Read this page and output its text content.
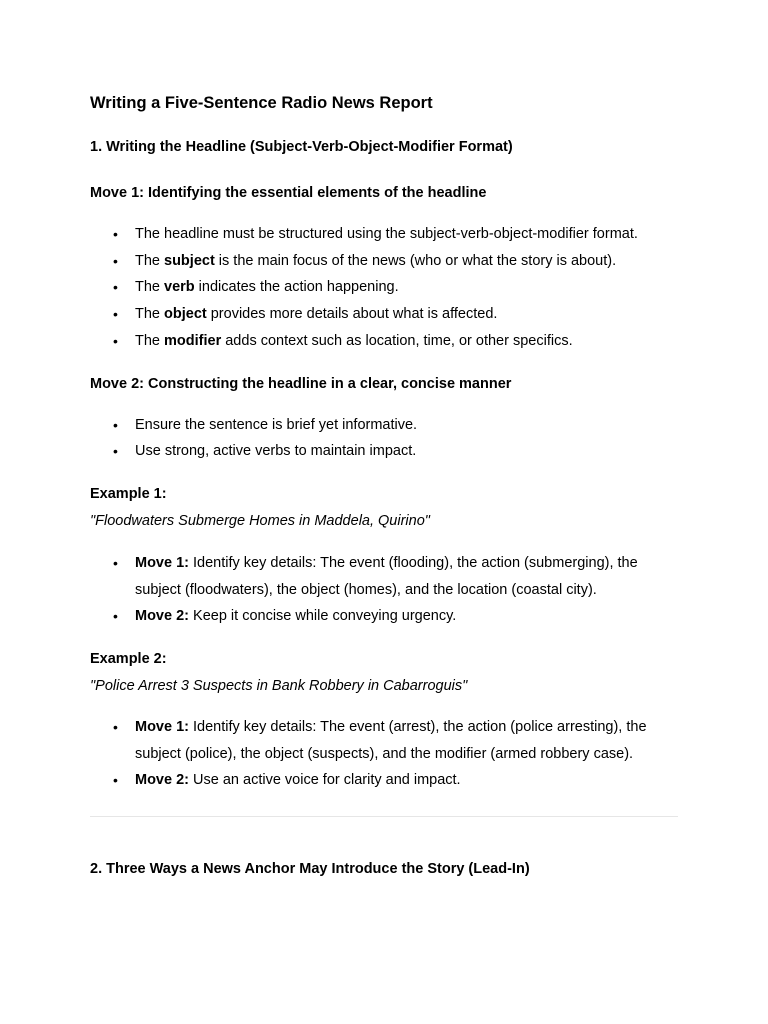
Writing a Five-Sentence Radio News Report
1. Writing the Headline (Subject-Verb-Object-Modifier Format)
Move 1: Identifying the essential elements of the headline
• The headline must be structured using the subject-verb-object-modifier format.
• The subject is the main focus of the news (who or what the story is about).
• The verb indicates the action happening.
• The object provides more details about what is affected.
• The modifier adds context such as location, time, or other specifics.
Move 2: Constructing the headline in a clear, concise manner
• Ensure the sentence is brief yet informative.
• Use strong, active verbs to maintain impact.

Example 1:

"Floodwaters Submerge Homes in Maddela, Quirino"

• Move 1: Identify key details: The event (flooding), the action (submerging), the subject (floodwaters), the object (homes), and the location (coastal city).
• Move 2: Keep it concise while conveying urgency.

Example 2:

"Police Arrest 3 Suspects in Bank Robbery in Cabarroguis"

• Move 1: Identify key details: The event (arrest), the action (police arresting), the subject (police), the object (suspects), and the modifier (armed robbery case).
• Move 2: Use an active voice for clarity and impact.
2. Three Ways a News Anchor May Introduce the Story (Lead-In)
